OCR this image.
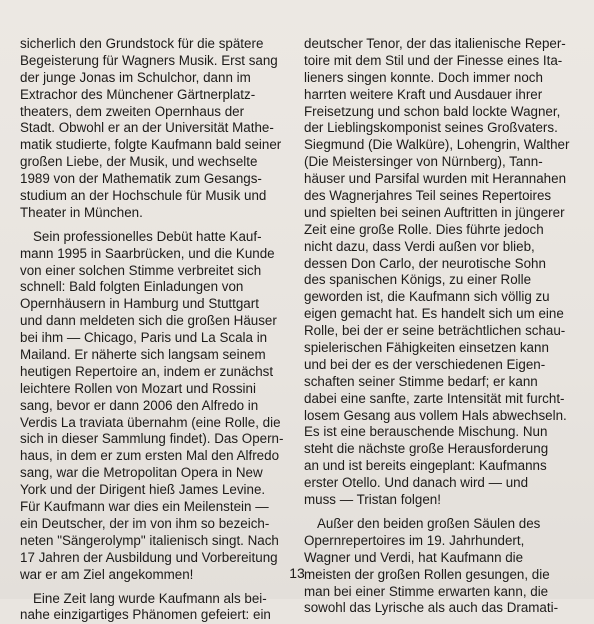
sicherlich den Grundstock für die spätere
Begeisterung für Wagners Musik. Erst sang
der junge Jonas im Schulchor, dann im
Extrachor des Münchener Gärtnerplatz-
theaters, dem zweiten Opernhaus der
Stadt. Obwohl er an der Universität Mathe-
matik studierte, folgte Kaufmann bald seiner
großen Liebe, der Musik, und wechselte
1989 von der Mathematik zum Gesangs-
studium an der Hochschule für Musik und
Theater in München.
Sein professionelles Debüt hatte Kauf-
mann 1995 in Saarbrücken, und die Kunde
von einer solchen Stimme verbreitet sich
schnell: Bald folgten Einladungen von
Opernhäusern in Hamburg und Stuttgart
und dann meldeten sich die großen Häuser
bei ihm — Chicago, Paris und La Scala in
Mailand. Er näherte sich langsam seinem
heutigen Repertoire an, indem er zunächst
leichtere Rollen von Mozart und Rossini
sang, bevor er dann 2006 den Alfredo in
Verdis La traviata übernahm (eine Rolle, die
sich in dieser Sammlung findet). Das Opern-
haus, in dem er zum ersten Mal den Alfredo
sang, war die Metropolitan Opera in New
York und der Dirigent hieß James Levine.
Für Kaufmann war dies ein Meilenstein —
ein Deutscher, der im von ihm so bezeich-
neten "Sängerolymp" italienisch singt. Nach
17 Jahren der Ausbildung und Vorbereitung
war er am Ziel angekommen!
Eine Zeit lang wurde Kaufmann als bei-
nahe einzigartiges Phänomen gefeiert: ein
deutscher Tenor, der das italienische Reper-
toire mit dem Stil und der Finesse eines Ita-
lieners singen konnte. Doch immer noch
harrten weitere Kraft und Ausdauer ihrer
Freisetzung und schon bald lockte Wagner,
der Lieblingskomponist seines Großvaters.
Siegmund (Die Walküre), Lohengrin, Walther
(Die Meistersinger von Nürnberg), Tann-
häuser und Parsifal wurden mit Herannahen
des Wagnerjahres Teil seines Repertoires
und spielten bei seinen Auftritten in jüngerer
Zeit eine große Rolle. Dies führte jedoch
nicht dazu, dass Verdi außen vor blieb,
dessen Don Carlo, der neurotische Sohn
des spanischen Königs, zu einer Rolle
geworden ist, die Kaufmann sich völlig zu
eigen gemacht hat. Es handelt sich um eine
Rolle, bei der er seine beträchtlichen schau-
spielerischen Fähigkeiten einsetzen kann
und bei der es der verschiedenen Eigen-
schaften seiner Stimme bedarf; er kann
dabei eine sanfte, zarte Intensität mit furcht-
losem Gesang aus vollem Hals abwechseln.
Es ist eine berauschende Mischung. Nun
steht die nächste große Herausforderung
an und ist bereits eingeplant: Kaufmanns
erster Otello. Und danach wird — und
muss — Tristan folgen!
Außer den beiden großen Säulen des
Opernrepertoires im 19. Jahrhundert,
Wagner und Verdi, hat Kaufmann die
meisten der großen Rollen gesungen, die
man bei einer Stimme erwarten kann, die
sowohl das Lyrische als auch das Dramati-
13
